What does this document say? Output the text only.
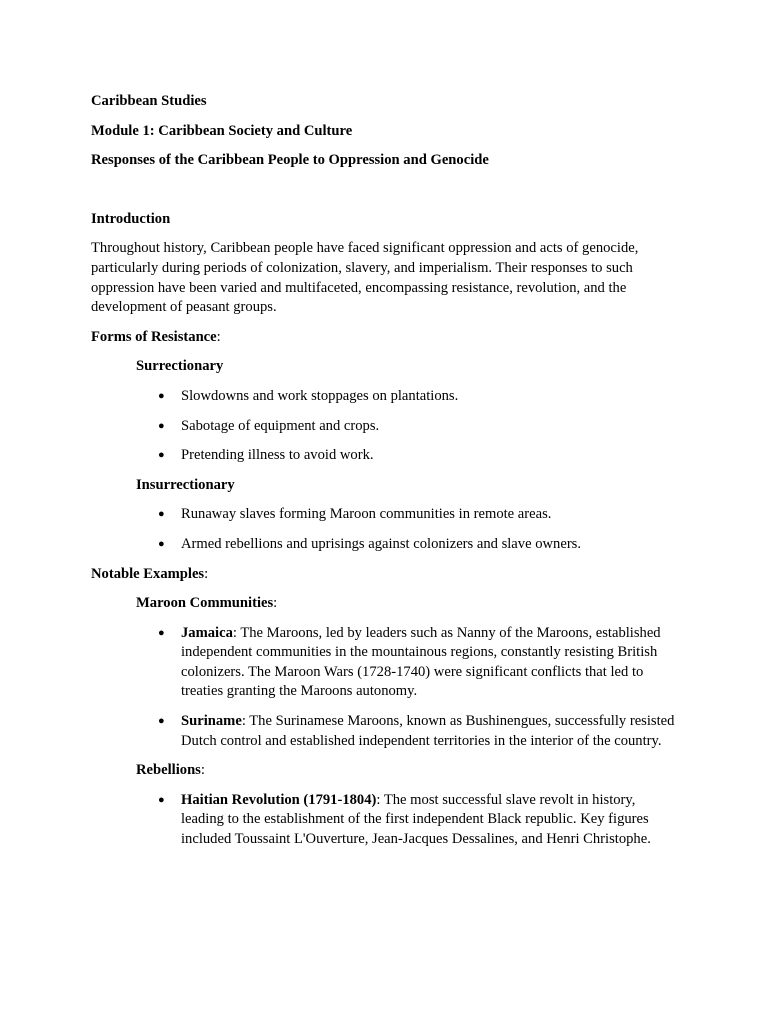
Caribbean Studies

Module 1: Caribbean Society and Culture

Responses of the Caribbean People to Oppression and Genocide

Introduction

Throughout history, Caribbean people have faced significant oppression and acts of genocide, particularly during periods of colonization, slavery, and imperialism. Their responses to such oppression have been varied and multifaceted, encompassing resistance, revolution, and the development of peasant groups.

Forms of Resistance:

Surrectionary

● Slowdowns and work stoppages on plantations.
● Sabotage of equipment and crops.
● Pretending illness to avoid work.

Insurrectionary

● Runaway slaves forming Maroon communities in remote areas.
● Armed rebellions and uprisings against colonizers and slave owners.

Notable Examples:

Maroon Communities:

● Jamaica: The Maroons, led by leaders such as Nanny of the Maroons, established independent communities in the mountainous regions, constantly resisting British colonizers. The Maroon Wars (1728-1740) were significant conflicts that led to treaties granting the Maroons autonomy.
● Suriname: The Surinamese Maroons, known as Bushinengues, successfully resisted Dutch control and established independent territories in the interior of the country.

Rebellions:

● Haitian Revolution (1791-1804): The most successful slave revolt in history, leading to the establishment of the first independent Black republic. Key figures included Toussaint L'Ouverture, Jean-Jacques Dessalines, and Henri Christophe.
